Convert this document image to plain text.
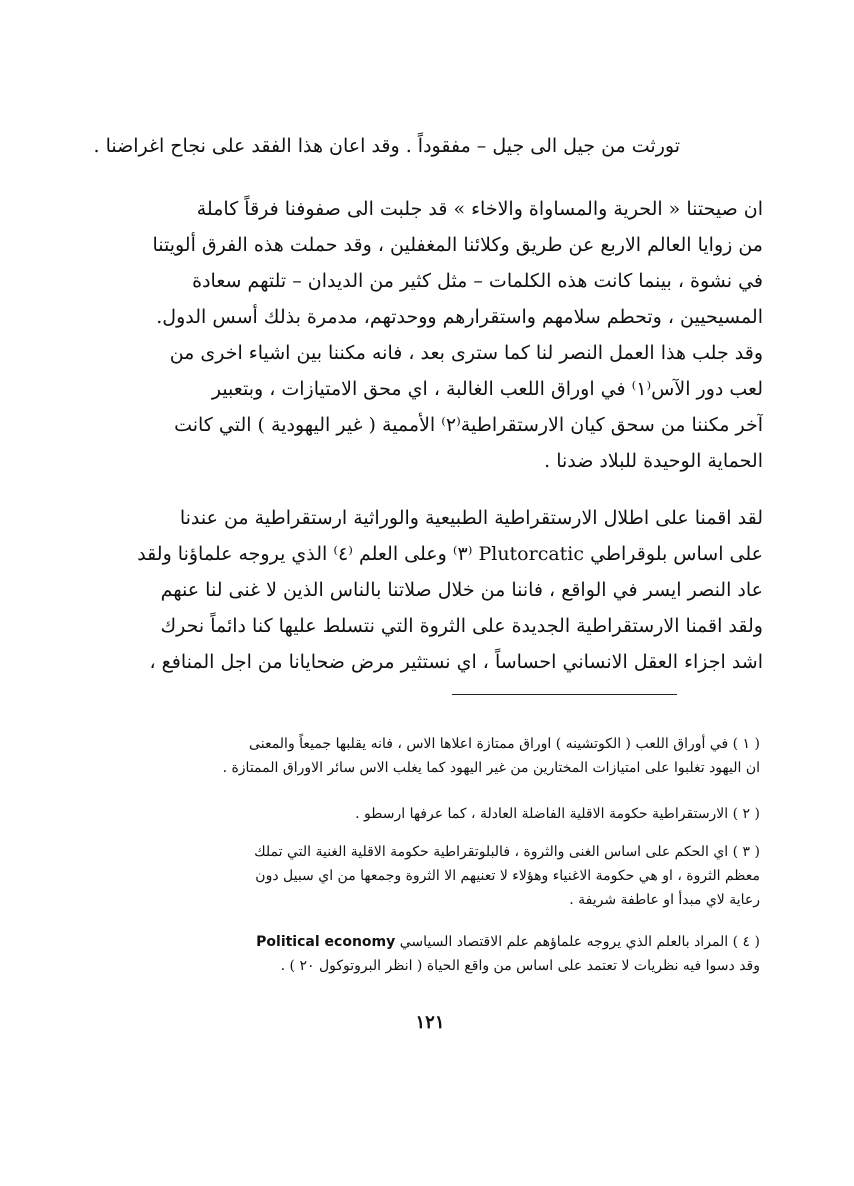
تورثت من جيل الى جيل – مفقوداً . وقد اعان هذا الفقد على نجاح اغراضنا .
ان صيحتنا « الحرية والمساواة والاخاء » قد جلبت الى صفوفنا فرقاً كاملة
من زوايا العالم الاربع عن طريق وكلائنا المغفلين ، وقد حملت هذه الفرق ألويتنا
في نشوة ، بينما كانت هذه الكلمات – مثل كثير من الديدان – تلتهم سعادة
المسيحيين ، وتحطم سلامهم واستقرارهم ووحدتهم، مدمرة بذلك أسس الدول.
وقد جلب هذا العمل النصر لنا كما سترى بعد ، فانه مكننا بين اشياء اخرى من
لعب دور الآس⁽١⁾ في اوراق اللعب الغالبة ، اي محق الامتيازات ، وبتعبير
آخر مكننا من سحق كيان الارستقراطية⁽٢⁾ الأممية ( غير اليهودية ) التي كانت
الحماية الوحيدة للبلاد ضدنا .
لقد اقمنا على اطلال الارستقراطية الطبيعية والوراثية ارستقراطية من عندنا
على اساس بلوقراطي Plutorcatic ⁽٣⁾ وعلى العلم ⁽٤⁾ الذي يروجه علماؤنا ولقد
عاد النصر ايسر في الواقع ، فاننا من خلال صلاتنا بالناس الذين لا غنى لنا عنهم
ولقد اقمنا الارستقراطية الجديدة على الثروة التي نتسلط عليها كنا دائماً نحرك
اشد اجزاء العقل الانساني احساساً ، اي نستثير مرض ضحايانا من اجل المنافع ،
( ١ ) في أوراق اللعب ( الكوتشينه ) اوراق ممتازة اعلاها الاس ، فانه يقلبها جميعاً والمعنى
ان اليهود تغلبوا على امتيازات المختارين من غير اليهود كما يغلب الاس سائر الاوراق الممتازة .
( ٢ ) الارستقراطية حكومة الاقلية الفاضلة العادلة ، كما عرفها ارسطو .
( ٣ ) اي الحكم على اساس الغنى والثروة ، فالبلوتقراطية حكومة الاقلية الغنية التي تملك
معظم الثروة ، او هي حكومة الاغنياء وهؤلاء لا تعنيهم الا الثروة وجمعها من اي سبيل دون
رعاية لاي مبدأ او عاطفة شريفة .
( ٤ ) المراد بالعلم الذي يروجه علماؤهم علم الاقتصاد السياسي Political economy
وقد دسوا فيه نظريات لا تعتمد على اساس من واقع الحياة ( انظر البروتوكول ٢٠ ) .
١٢١
